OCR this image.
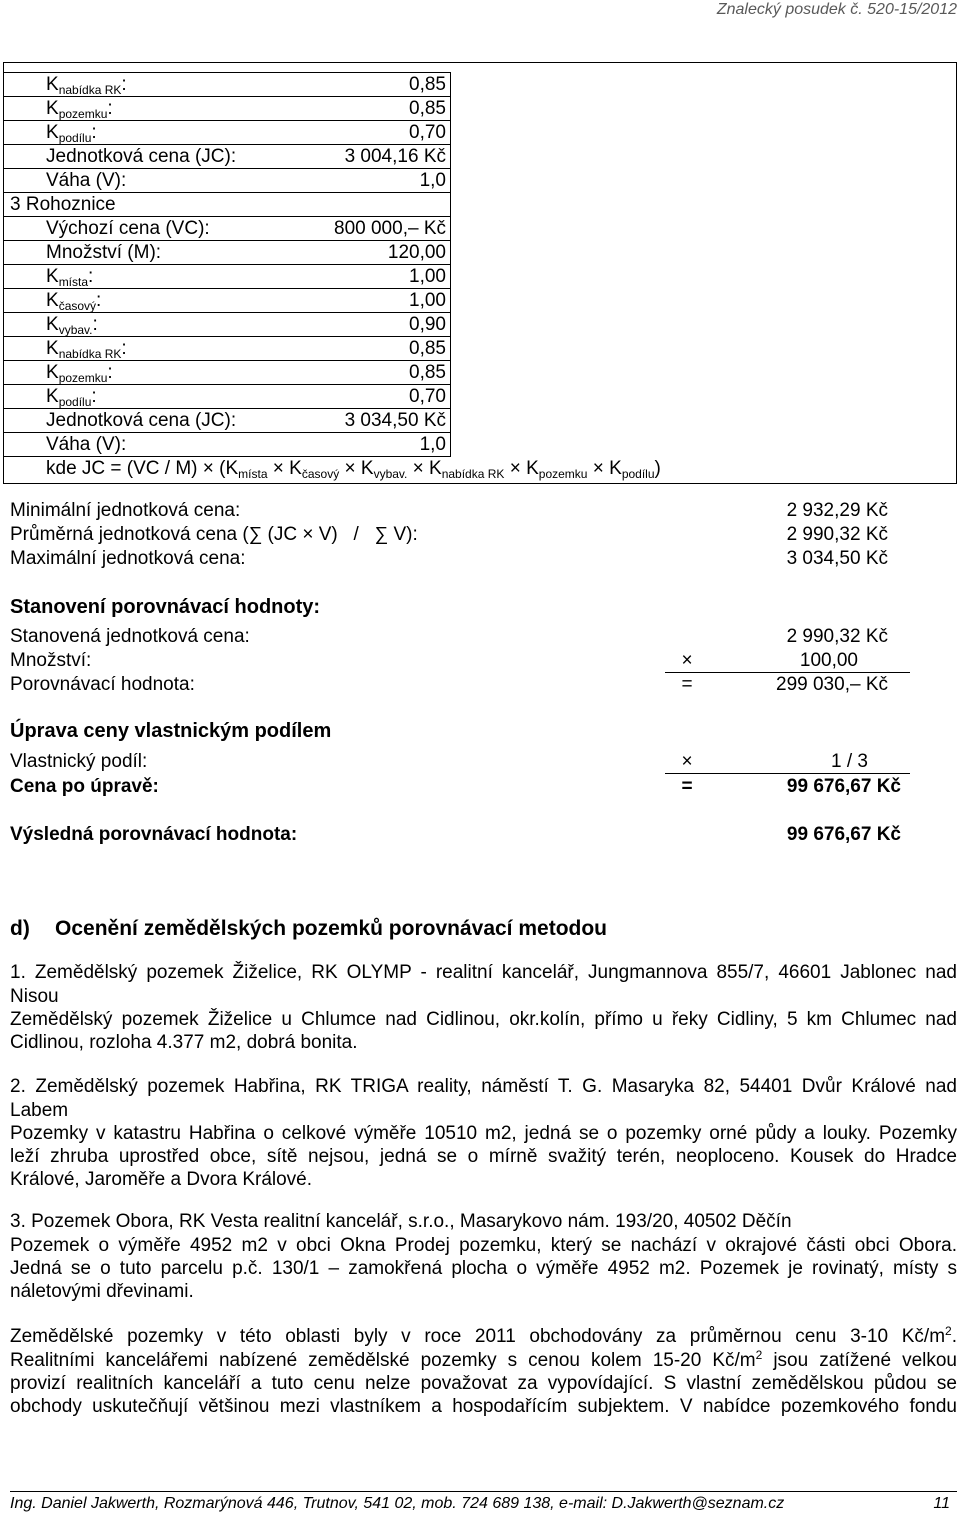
Znalecký posudek č. 520-15/2012
$K_{nabídka RK}$:	0,85
$K_{pozemku}$:	0,85
$K_{podílu}$:	0,70
Jednotková cena (JC):	3 004,16 Kč
Váha (V):	1,0
3 Rohoznice
Výchozí cena (VC):	800 000,– Kč
Množství (M):	120,00
$K_{místa}$:	1,00
$K_{časový}$:	1,00
$K_{vybav.}$:	0,90
$K_{nabídka RK}$:	0,85
$K_{pozemku}$:	0,85
$K_{podílu}$:	0,70
Jednotková cena (JC):	3 034,50 Kč
Váha (V):	1,0
kde JC = $(VC / M) \times (K_{místa} \times K_{časový} \times K_{vybav.} \times K_{nabídka RK} \times K_{pozemku} \times K_{podílu})$
Minimální jednotková cena:	2 932,29 Kč
Průměrná jednotková cena (∑ (JC × V)   /   ∑ V):	2 990,32 Kč
Maximální jednotková cena:	3 034,50 Kč
Stanovení porovnávací hodnoty:
Stanovená jednotková cena:	2 990,32 Kč
Množství:	×	100,00
Porovnávací hodnota:	=	299 030,– Kč
Úprava ceny vlastnickým podílem
Vlastnický podíl:	×	1 / 3
Cena po úpravě:	=	99 676,67 Kč
Výsledná porovnávací hodnota:	99 676,67 Kč
d) Ocenění zemědělských pozemků porovnávací metodou
1. Zemědělský pozemek Žiželice, RK OLYMP - realitní kancelář, Jungmannova 855/7, 46601 Jablonec nad
Nisou
Zemědělský pozemek Žiželice u Chlumce nad Cidlinou, okr.kolín, přímo u řeky Cidliny, 5 km Chlumec nad
Cidlinou, rozloha 4.377 m2, dobrá bonita.
2. Zemědělský pozemek Habřina, RK TRIGA reality, náměstí T. G. Masaryka 82, 54401 Dvůr Králové nad
Labem
Pozemky v katastru Habřina o celkové výměře 10510 m2, jedná se o pozemky orné půdy a louky. Pozemky
leží zhruba uprostřed obce, sítě nejsou, jedná se o mírně svažitý terén, neoploceno. Kousek do Hradce
Králové, Jaroměře a Dvora Králové.
3. Pozemek Obora, RK Vesta realitní kancelář, s.r.o., Masarykovo nám. 193/20, 40502 Děčín
Pozemek o výměře 4952 m2 v obci Okna Prodej pozemku, který se nachází v okrajové části obci Obora.
Jedná se o tuto parcelu p.č. 130/1 – zamokřená plocha o výměře 4952 m2. Pozemek je rovinatý, místy s
náletovými dřevinami.
Zemědělské pozemky v této oblasti byly v roce 2011 obchodovány za průměrnou cenu 3-10 $Kč/m^2$.
Realitními kancelářemi nabízené zemědělské pozemky s cenou kolem 15-20 $Kč/m^2$ jsou zatížené velkou
provizí realitních kanceláří a tuto cenu nelze považovat za vypovídající. S vlastní zemědělskou půdou se
obchody uskutečňují většinou mezi vlastníkem a hospodařícím subjektem. V nabídce pozemkového fondu
Ing. Daniel Jakwerth, Rozmarýnová 446, Trutnov, 541 02, mob. 724 689 138, e-mail: D.Jakwerth@seznam.cz	11
